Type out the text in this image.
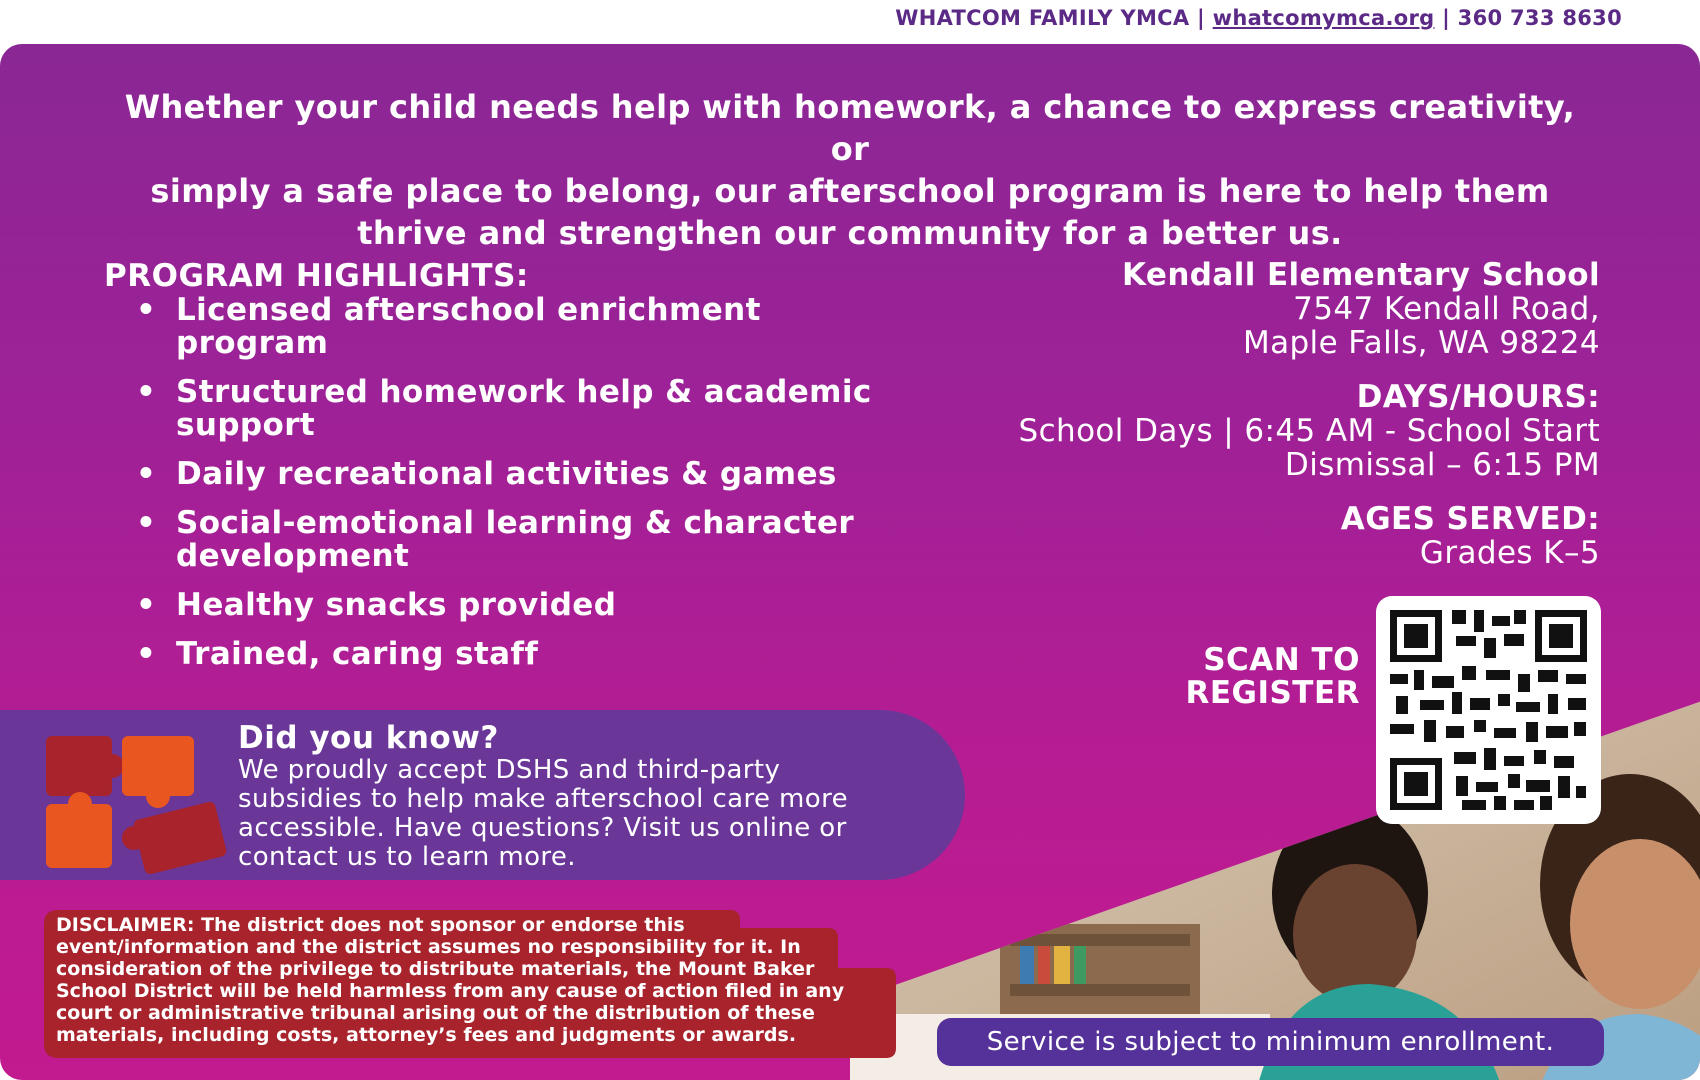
WHATCOM FAMILY YMCA | whatcomymca.org | 360 733 8630
Whether your child needs help with homework, a chance to express creativity, or
simply a safe place to belong, our afterschool program is here to help them
thrive and strengthen our community for a better us.
PROGRAM HIGHLIGHTS:
• Licensed afterschool enrichment
program
• Structured homework help & academic
support
• Daily recreational activities & games
• Social-emotional learning & character
development
• Healthy snacks provided
• Trained, caring staff
Kendall Elementary School
7547 Kendall Road,
Maple Falls, WA 98224
DAYS/HOURS:
School Days | 6:45 AM - School Start
Dismissal – 6:15 PM
AGES SERVED:
Grades K–5
SCAN TO
REGISTER
Did you know?
We proudly accept DSHS and third-party
subsidies to help make afterschool care more
accessible. Have questions? Visit us online or
contact us to learn more.
DISCLAIMER: The district does not sponsor or endorse this
event/information and the district assumes no responsibility for it. In
consideration of the privilege to distribute materials, the Mount Baker
School District will be held harmless from any cause of action filed in any
court or administrative tribunal arising out of the distribution of these
materials, including costs, attorney’s fees and judgments or awards.	Service is subject to minimum enrollment.
